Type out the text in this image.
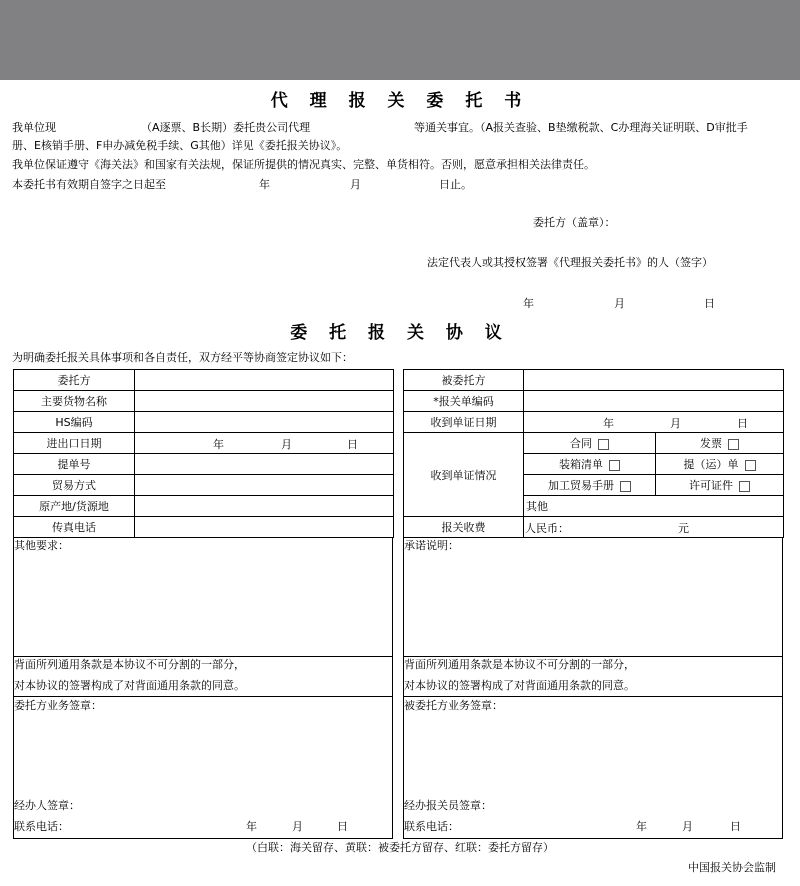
代 理 报 关 委 托 书
我单位现	（A逐票、B长期）委托贵公司代理	等通关事宜。（A报关查验、B垫缴税款、C办理海关证明联、D审批手
册、E核销手册、F申办减免税手续、G其他）详见《委托报关协议》。
我单位保证遵守《海关法》和国家有关法规，保证所提供的情况真实、完整、单货相符。否则，愿意承担相关法律责任。
本委托书有效期自签字之日起至	年	月	日止。
委托方（盖章）：
法定代表人或其授权签署《代理报关委托书》的人（签字）
年	月	日
委 托 报 关 协 议
为明确委托报关具体事项和各自责任，双方经平等协商签定协议如下：
委托方	
主要货物名称	
HS编码	
进出口日期	年 月 日

提单号	
贸易方式	
原产地/货源地	
传真电话	
其他要求：
背面所列通用条款是本协议不可分割的一部分，
对本协议的签署构成了对背面通用条款的同意。
委托方业务签章：
经办人签章：
联系电话：	年	月	日
被委托方		
*报关单编码		
收到单证日期	年 月 日	

收到单证情况	合同	发票
	装箱清单	提（运）单
	加工贸易手册	许可证件
	其他	
报关收费	人民币： 元	
承诺说明：
背面所列通用条款是本协议不可分割的一部分，
对本协议的签署构成了对背面通用条款的同意。
被委托方业务签章：
经办报关员签章：
联系电话：	年	月	日
（白联：海关留存、黄联：被委托方留存、红联：委托方留存）
中国报关协会监制
